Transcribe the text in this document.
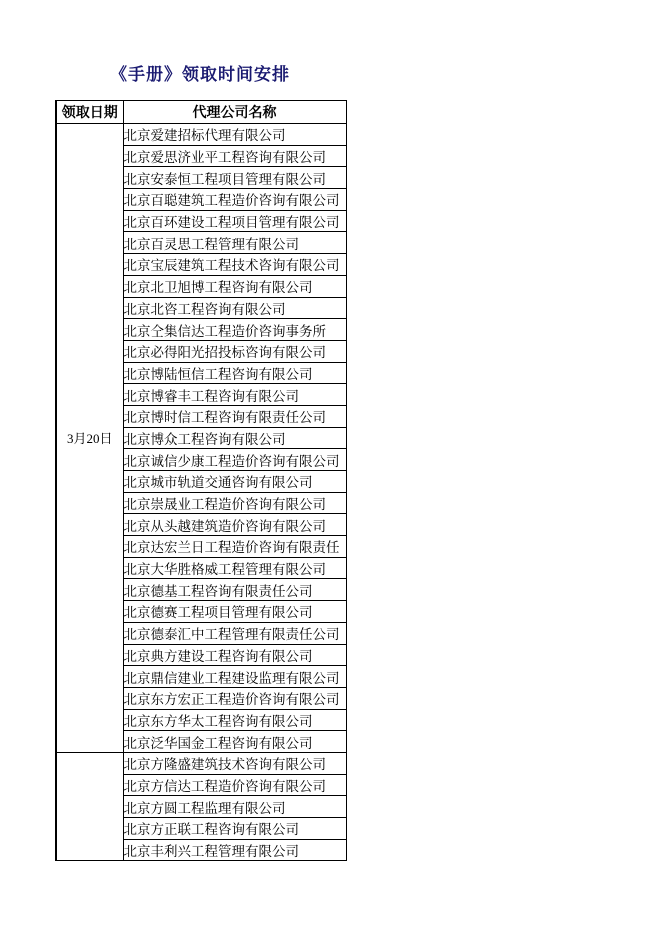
《手册》领取时间安排
领取日期	代理公司名称
3月20日	北京爱建招标代理有限公司
	北京爱思济业平工程咨询有限公司
	北京安泰恒工程项目管理有限公司
	北京百聪建筑工程造价咨询有限公司
	北京百环建设工程项目管理有限公司
	北京百灵思工程管理有限公司
	北京宝辰建筑工程技术咨询有限公司
	北京北卫旭博工程咨询有限公司
	北京北咨工程咨询有限公司
	北京仝集信达工程造价咨询事务所
	北京必得阳光招投标咨询有限公司
	北京博陆恒信工程咨询有限公司
	北京博睿丰工程咨询有限公司
	北京博时信工程咨询有限责任公司
	北京博众工程咨询有限公司
	北京诚信少康工程造价咨询有限公司
	北京城市轨道交通咨询有限公司
	北京崇晟业工程造价咨询有限公司
	北京从头越建筑造价咨询有限公司
	北京达宏兰日工程造价咨询有限责任
	北京大华胜格威工程管理有限公司
	北京德基工程咨询有限责任公司
	北京德赛工程项目管理有限公司
	北京德泰汇中工程管理有限责任公司
	北京典方建设工程咨询有限公司
	北京鼎信建业工程建设监理有限公司
	北京东方宏正工程造价咨询有限公司
	北京东方华太工程咨询有限公司
	北京泛华国金工程咨询有限公司
	北京方隆盛建筑技术咨询有限公司
	北京方信达工程造价咨询有限公司
	北京方圆工程监理有限公司
	北京方正联工程咨询有限公司
	北京丰利兴工程管理有限公司
